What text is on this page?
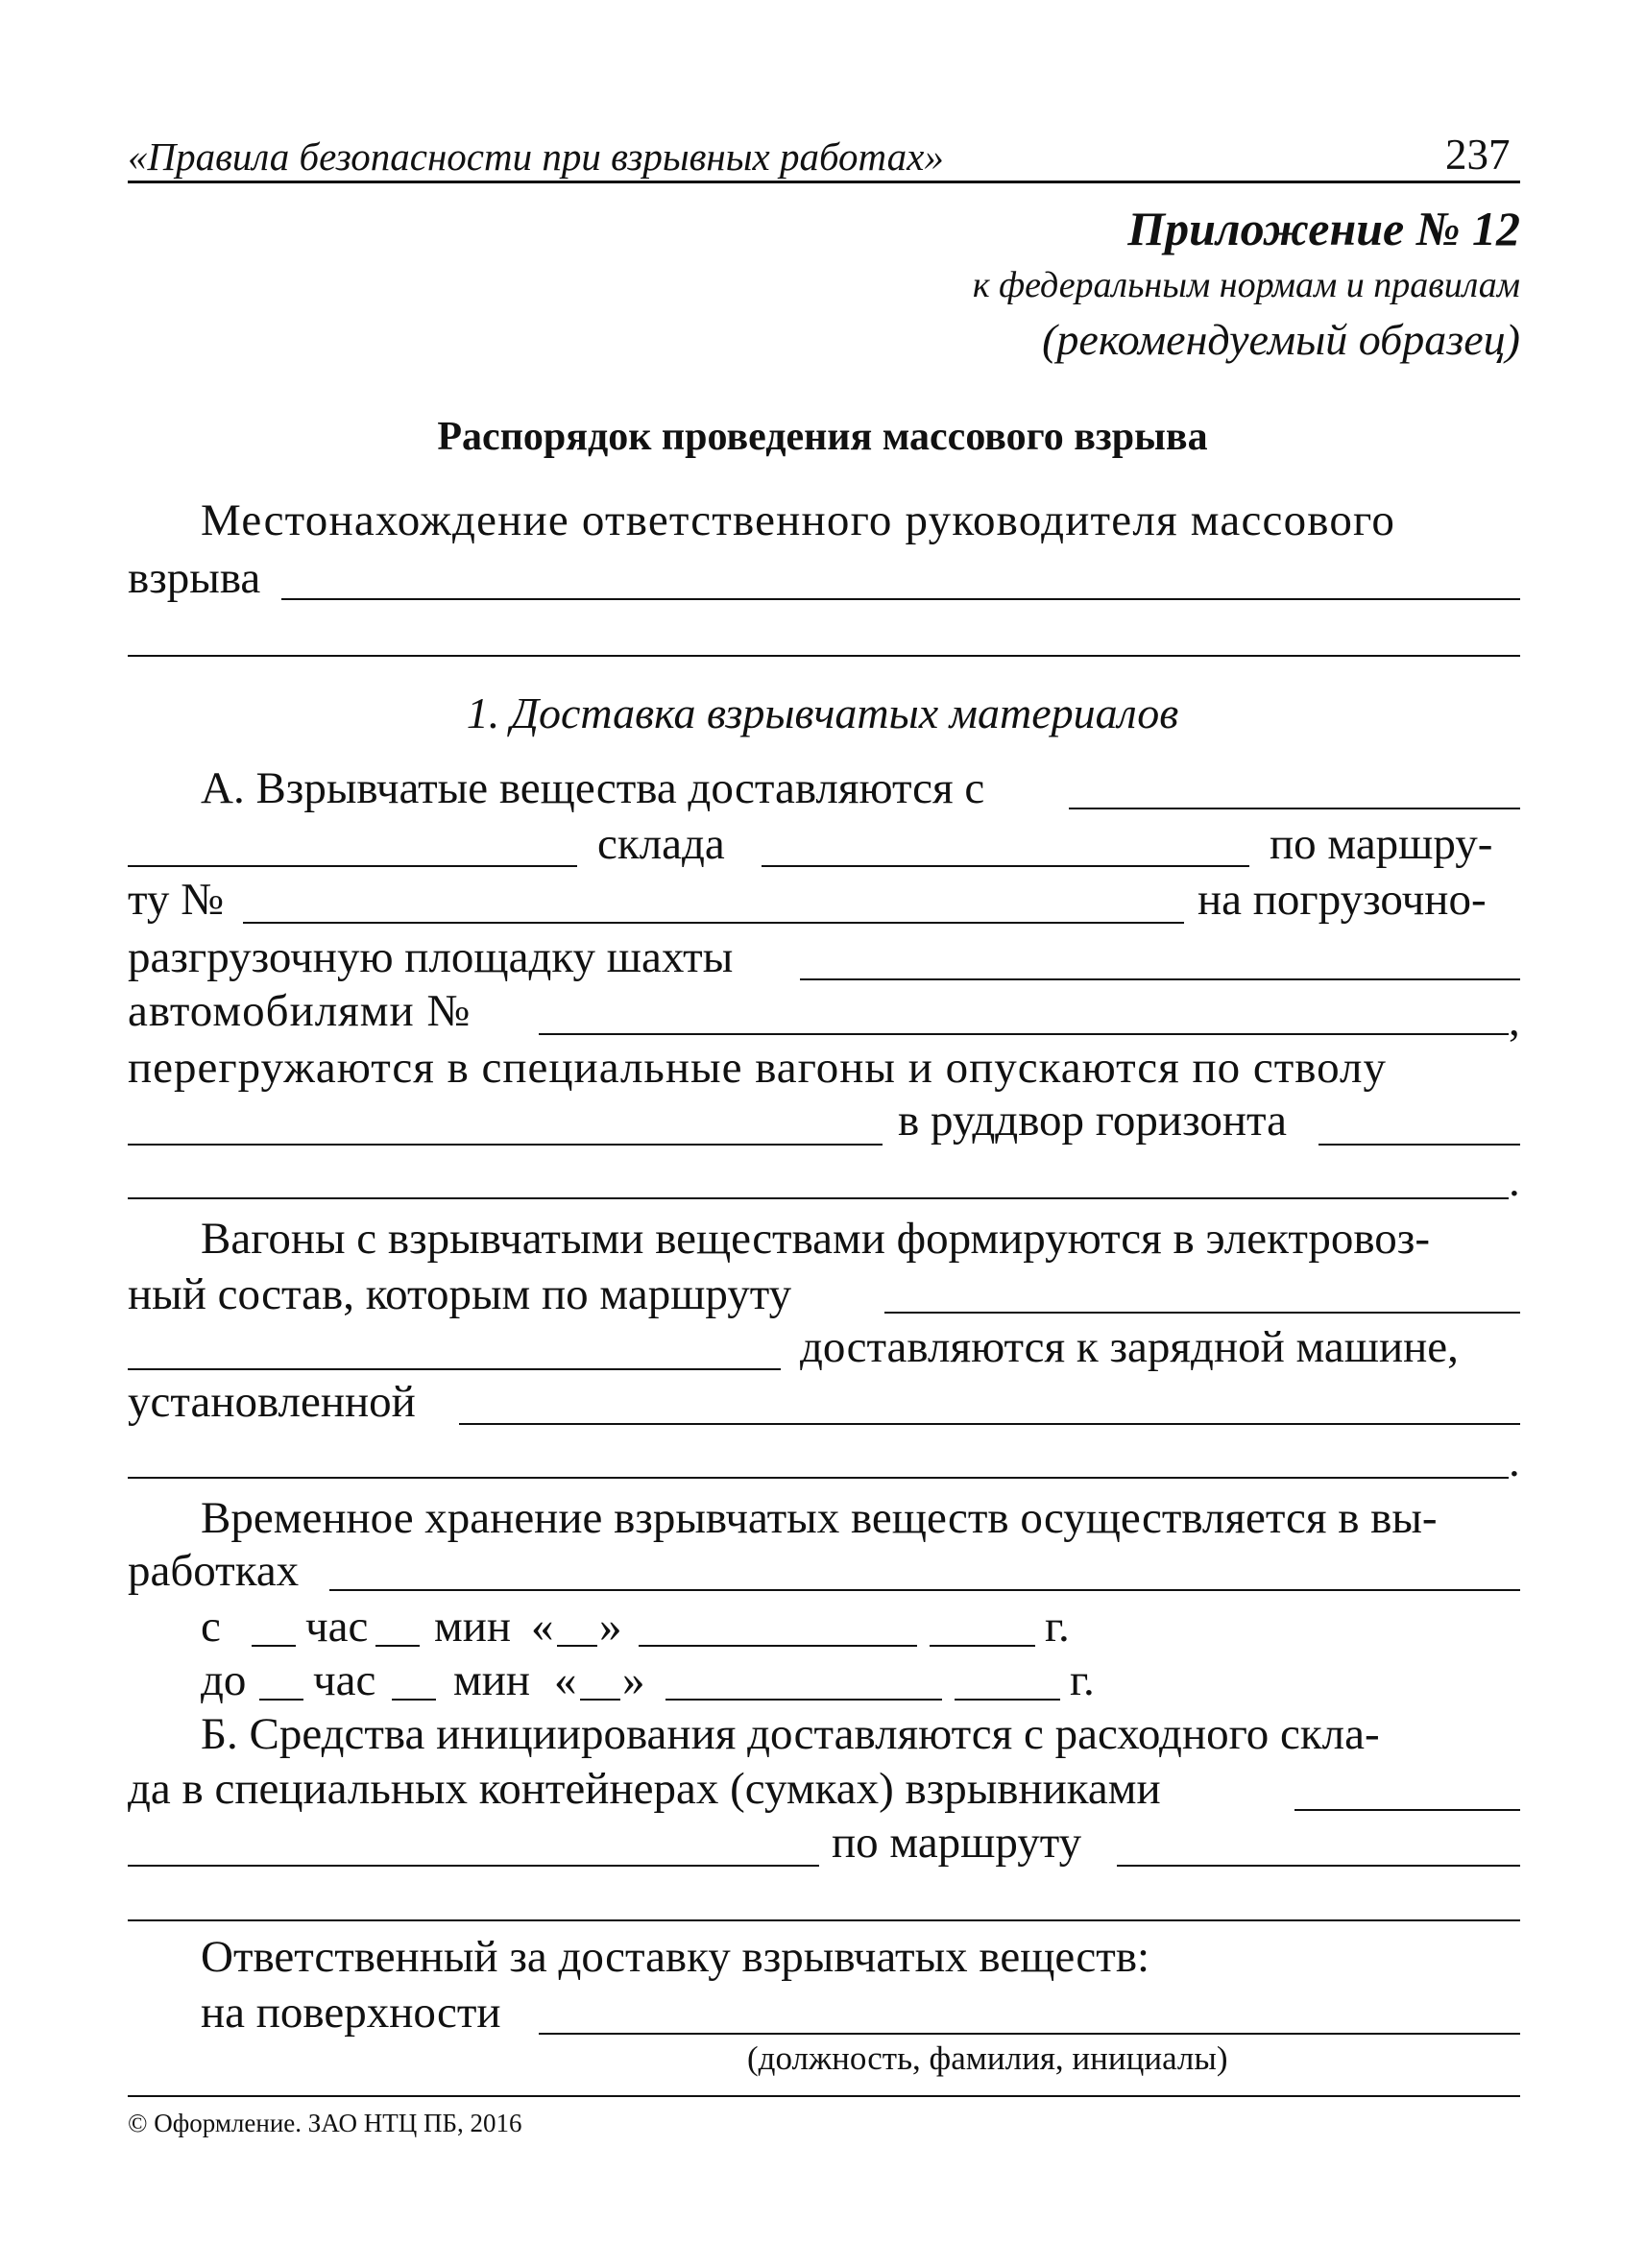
«Правила безопасности при взрывных работах»	237
Приложение № 12
к федеральным нормам и правилам
(рекомендуемый образец)
Распорядок проведения массового взрыва
Местонахождение ответственного руководителя массового
взрыва
1. Доставка взрывчатых материалов
А. Взрывчатые вещества доставляются с
склада	по маршру-
ту №	на погрузочно-
разгрузочную площадку шахты
автомобилями №	,
перегружаются в специальные вагоны и опускаются по стволу
в руддвор горизонта
.
Вагоны с взрывчатыми веществами формируются в электровоз-
ный состав, которым по маршруту
доставляются к зарядной машине,
установленной
.
Временное хранение взрывчатых веществ осуществляется в вы-
работках
с час мин « »	г.
до час мин « »	г.
Б. Средства инициирования доставляются с расходного скла-
да в специальных контейнерах (сумках) взрывниками
по маршруту
Ответственный за доставку взрывчатых веществ:
на поверхности
(должность, фамилия, инициалы)
© Оформление. ЗАО НТЦ ПБ, 2016
